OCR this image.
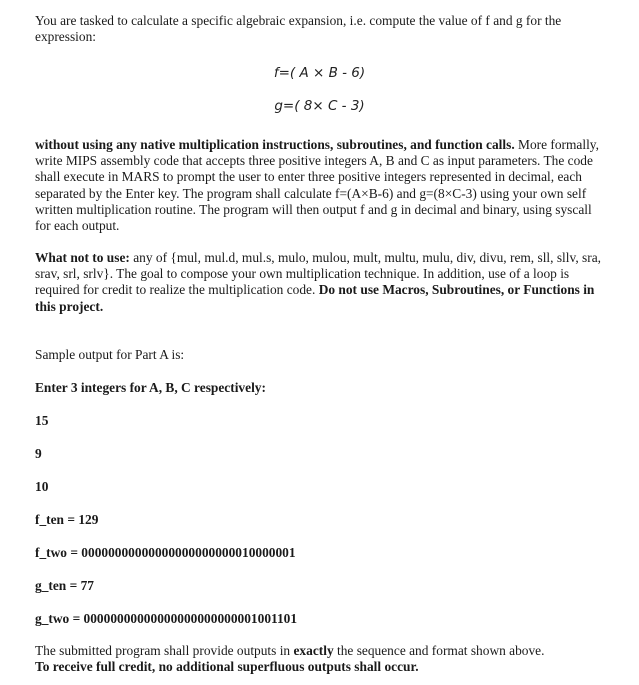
You are tasked to calculate a specific algebraic expansion, i.e. compute the value of f and g for the expression:

f=( A × B - 6)
g=( 8× C - 3)

without using any native multiplication instructions, subroutines, and function calls. More formally, write MIPS assembly code that accepts three positive integers A, B and C as input parameters. The code shall execute in MARS to prompt the user to enter three positive integers represented in decimal, each separated by the Enter key. The program shall calculate f=(A×B-6) and g=(8×C-3) using your own self written multiplication routine. The program will then output f and g in decimal and binary, using syscall for each output.

What not to use: any of {mul, mul.d, mul.s, mulo, mulou, mult, multu, mulu, div, divu, rem, sll, sllv, sra, srav, srl, srlv}. The goal to compose your own multiplication technique. In addition, use of a loop is required for credit to realize the multiplication code. Do not use Macros, Subroutines, or Functions in this project.

Sample output for Part A is:

Enter 3 integers for A, B, C respectively:

15

9

10

f_ten = 129

f_two = 00000000000000000000000010000001

g_ten = 77

g_two = 00000000000000000000000001001101

The submitted program shall provide outputs in exactly the sequence and format shown above.

To receive full credit, no additional superfluous outputs shall occur.
